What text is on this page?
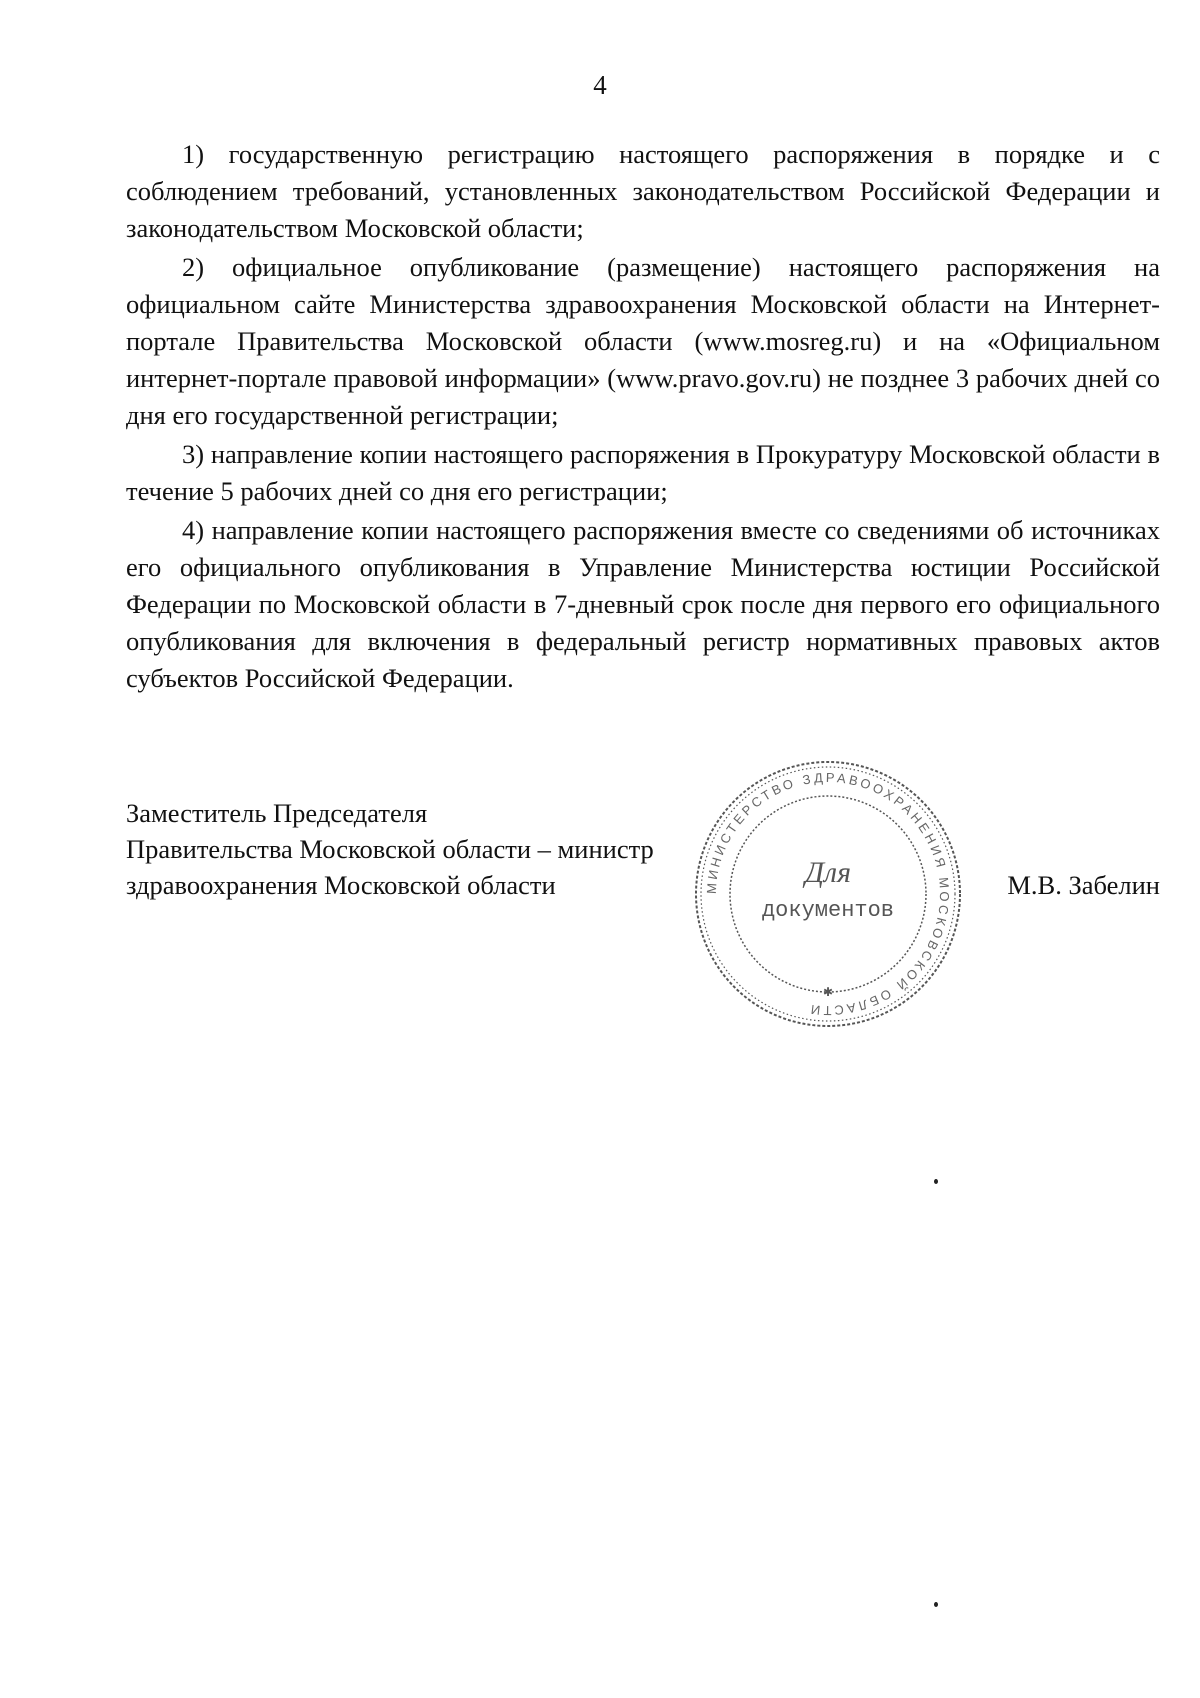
4

1) государственную регистрацию настоящего распоряжения в порядке и с соблюдением требований, установленных законодательством Российской Федерации и законодательством Московской области;

2) официальное опубликование (размещение) настоящего распоряжения на официальном сайте Министерства здравоохранения Московской области на Интернет-портале Правительства Московской области (www.mosreg.ru) и на «Официальном интернет-портале правовой информации» (www.pravo.gov.ru) не позднее 3 рабочих дней со дня его государственной регистрации;

3) направление копии настоящего распоряжения в Прокуратуру Московской области в течение 5 рабочих дней со дня его регистрации;

4) направление копии настоящего распоряжения вместе со сведениями об источниках его официального опубликования в Управление Министерства юстиции Российской Федерации по Московской области в 7-дневный срок после дня первого его официального опубликования для включения в федеральный регистр нормативных правовых актов субъектов Российской Федерации.

Заместитель Председателя
Правительства Московской области – министр
здравоохранения Московской области	МИНИСТЕРСТВО ЗДРАВООХРАНЕНИЯ МОСКОВСКОЙ ОБЛАСТИ
Для
документов
✱
М.В. Забелин
